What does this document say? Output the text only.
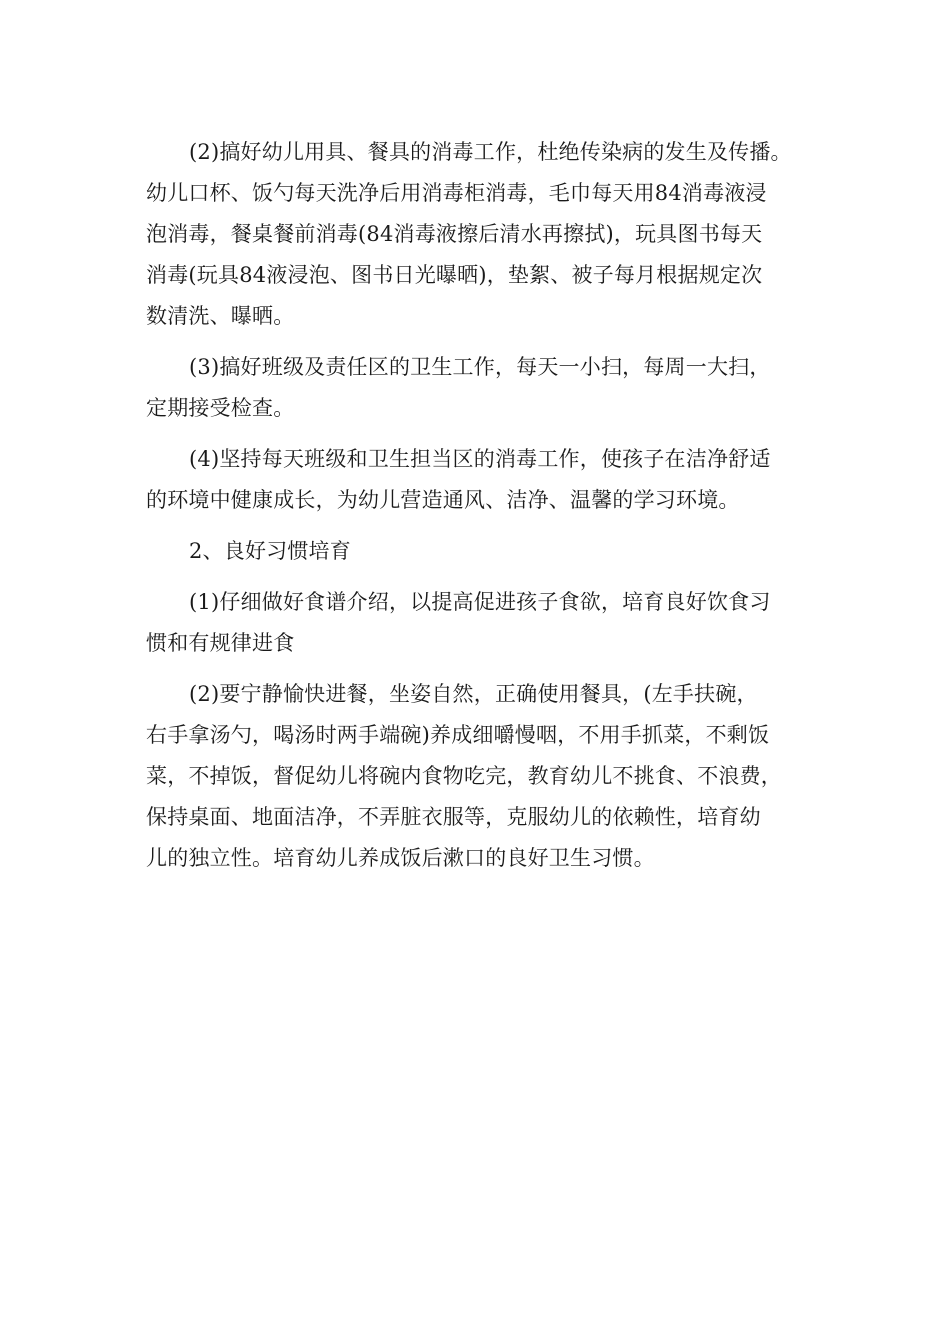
(2)搞好幼儿用具、餐具的消毒工作，杜绝传染病的发生及传播。
幼儿口杯、饭勺每天洗净后用消毒柜消毒，毛巾每天用84消毒液浸
泡消毒，餐桌餐前消毒(84消毒液擦后清水再擦拭)，玩具图书每天
消毒(玩具84液浸泡、图书日光曝晒)，垫絮、被子每月根据规定次
数清洗、曝晒。
(3)搞好班级及责任区的卫生工作，每天一小扫，每周一大扫，
定期接受检查。
(4)坚持每天班级和卫生担当区的消毒工作，使孩子在洁净舒适
的环境中健康成长，为幼儿营造通风、洁净、温馨的学习环境。
2、良好习惯培育
(1)仔细做好食谱介绍，以提高促进孩子食欲，培育良好饮食习
惯和有规律进食
(2)要宁静愉快进餐，坐姿自然，正确使用餐具，(左手扶碗，
右手拿汤勺，喝汤时两手端碗)养成细嚼慢咽，不用手抓菜，不剩饭
菜，不掉饭，督促幼儿将碗内食物吃完，教育幼儿不挑食、不浪费，
保持桌面、地面洁净，不弄脏衣服等，克服幼儿的依赖性，培育幼
儿的独立性。培育幼儿养成饭后漱口的良好卫生习惯。
